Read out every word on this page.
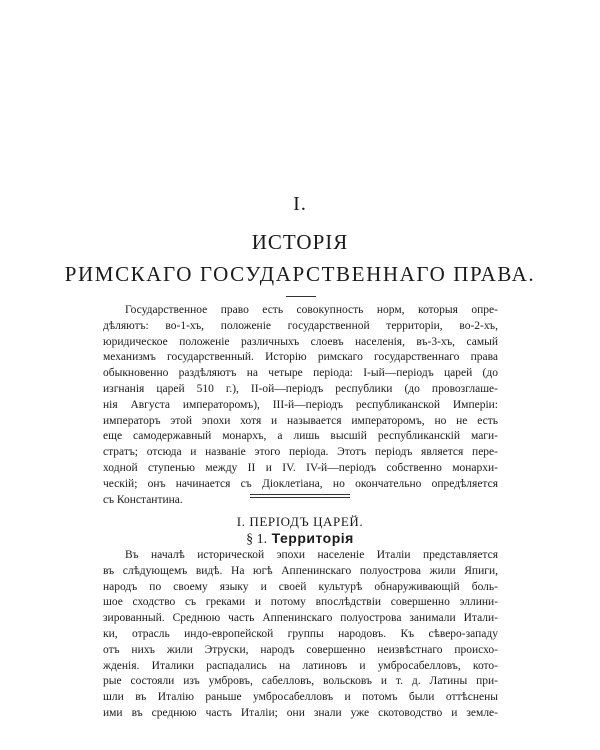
I.
ИСТОРІЯ
РИМСКАГО ГОСУДАРСТВЕННАГО ПРАВА.
Государственное право есть совокупность норм, которыя опре-
дѣляютъ: во-1-хъ, положеніе государственной территоріи, во-2-хъ,
юридическое положеніе различныхъ слоевъ населенія, въ-3-хъ, самый
механизмъ государственный. Исторію римскаго государственнаго права
обыкновенно раздѣляютъ на четыре періода: I-ый—періодъ царей (до
изгнанія царей 510 г.), II-ой—періодъ республики (до провозглаше-
нія Августа императоромъ), III-й—періодъ республиканской Имперіи:
императоръ этой эпохи хотя и называется императоромъ, но не есть
еще самодержавный монархъ, а лишь высшій республиканскій маги-
стратъ; отсюда и названіе этого періода. Этотъ періодъ является пере-
ходной ступенью между II и IV. IV-й—періодъ собственно монархи-
ческій; онъ начинается съ Діоклетіана, но окончательно опредѣляется
съ Константина.
I. ПЕРІОДЪ ЦАРЕЙ.
§ 1. Территорія
Въ началѣ исторической эпохи населеніе Италіи представляется
въ слѣдующемъ видѣ. На югѣ Аппенинскаго полуострова жили Япиги,
народъ по своему языку и своей культурѣ обнаруживающій боль-
шое сходство съ греками и потому впослѣдствіи совершенно эллини-
зированный. Среднюю часть Аппенинскаго полуострова занимали Итали-
ки, отрасль индо-европейской группы народовъ. Къ сѣверо-западу
отъ нихъ жили Этруски, народъ совершенно неизвѣстнаго происхо-
жденія. Италики распадались на латиновъ и умбросабелловъ, кото-
рые состояли изъ умбровъ, сабелловъ, вольсковъ и т. д. Латины при-
шли въ Италію раньше умбросабелловъ и потомъ были оттѣснены
ими въ среднюю часть Италіи; они знали уже скотоводство и земле-
